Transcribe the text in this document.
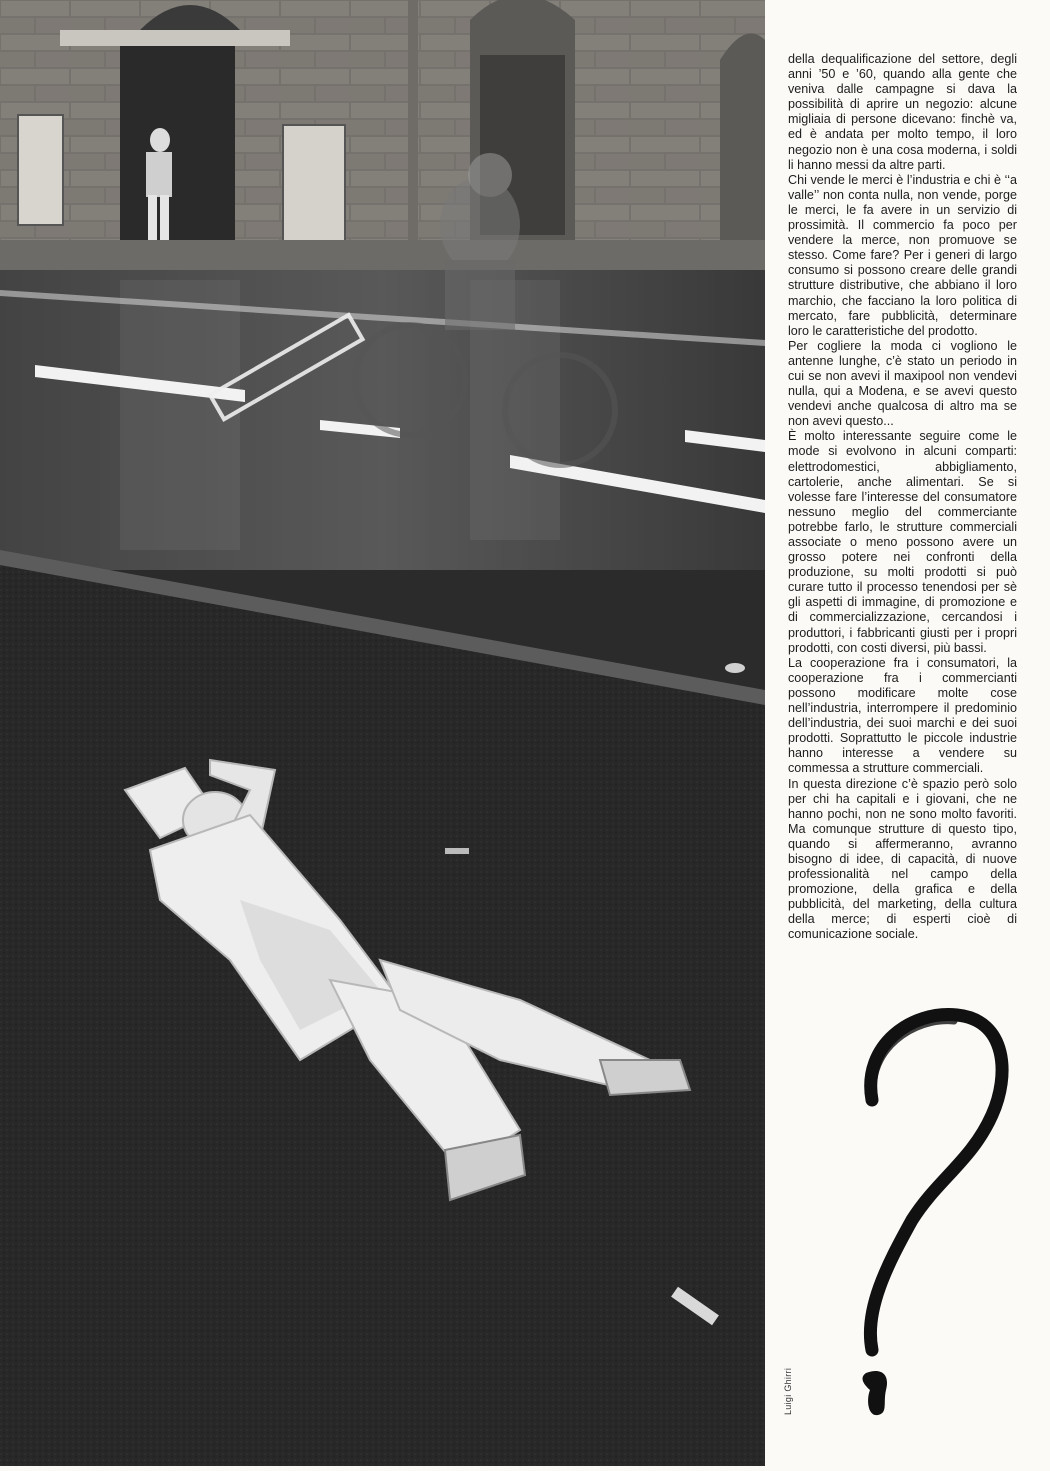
Luigi Ghirri

della dequalificazione del settore, degli anni ’50 e ’60, quando alla gente che veniva dalle campagne si dava la possibilità di aprire un negozio: alcune migliaia di persone dicevano: finchè va, ed è andata per molto tempo, il loro negozio non è una cosa moderna, i soldi li hanno messi da altre parti.

Chi vende le merci è l’industria e chi è ‘‘a valle’’ non conta nulla, non vende, porge le merci, le fa avere in un servizio di prossimità. Il commercio fa poco per vendere la merce, non promuove se stesso. Come fare? Per i generi di largo consumo si possono creare delle grandi strutture distributive, che abbiano il loro marchio, che facciano la loro politica di mercato, fare pubblicità, determinare loro le caratteristiche del prodotto.

Per cogliere la moda ci vogliono le antenne lunghe, c’è stato un periodo in cui se non avevi il maxipool non vendevi nulla, qui a Modena, e se avevi questo vendevi anche qualcosa di altro ma se non avevi questo...

È molto interessante seguire come le mode si evolvono in alcuni comparti: elettrodomestici, abbigliamento, cartolerie, anche alimentari. Se si volesse fare l’interesse del consumatore nessuno meglio del commerciante potrebbe farlo, le strutture commerciali associate o meno possono avere un grosso potere nei confronti della produzione, su molti prodotti si può curare tutto il processo tenendosi per sè gli aspetti di immagine, di promozione e di commercializzazione, cercandosi i produttori, i fabbricanti giusti per i propri prodotti, con costi diversi, più bassi.

La cooperazione fra i consumatori, la cooperazione fra i commercianti possono modificare molte cose nell’industria, interrompere il predominio dell’industria, dei suoi marchi e dei suoi prodotti. Soprattutto le piccole industrie hanno interesse a vendere su commessa a strutture commerciali.

In questa direzione c’è spazio però solo per chi ha capitali e i giovani, che ne hanno pochi, non ne sono molto favoriti. Ma comunque strutture di questo tipo, quando si affermeranno, avranno bisogno di idee, di capacità, di nuove professionalità nel campo della promozione, della grafica e della pubblicità, del marketing, della cultura della merce; di esperti cioè di comunicazione sociale.
